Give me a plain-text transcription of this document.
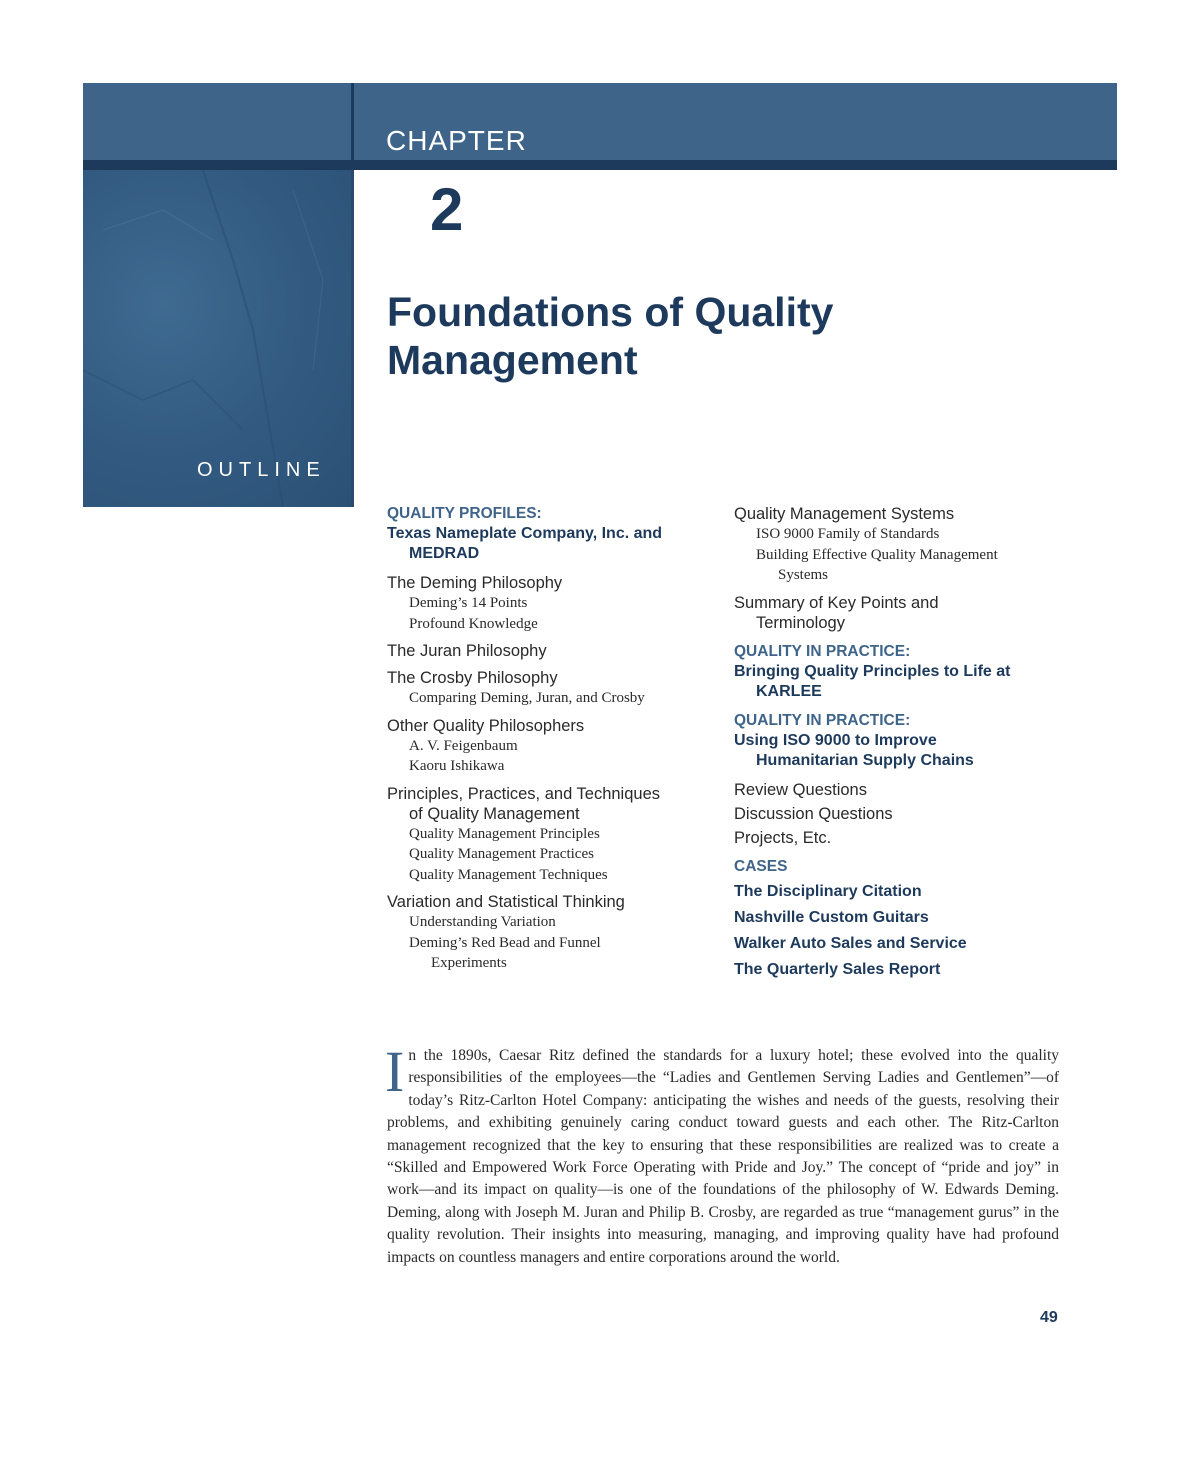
CHAPTER
2
Foundations of Quality
Management
OUTLINE
QUALITY PROFILES:
Texas Nameplate Company, Inc. and
MEDRAD
The Deming Philosophy
Deming’s 14 Points
Profound Knowledge
The Juran Philosophy
The Crosby Philosophy
Comparing Deming, Juran, and Crosby
Other Quality Philosophers
A. V. Feigenbaum
Kaoru Ishikawa
Principles, Practices, and Techniques
of Quality Management
Quality Management Principles
Quality Management Practices
Quality Management Techniques
Variation and Statistical Thinking
Understanding Variation
Deming’s Red Bead and Funnel
Experiments
Quality Management Systems
ISO 9000 Family of Standards
Building Effective Quality Management
Systems
Summary of Key Points and
Terminology
QUALITY IN PRACTICE:
Bringing Quality Principles to Life at
KARLEE
QUALITY IN PRACTICE:
Using ISO 9000 to Improve
Humanitarian Supply Chains
Review Questions
Discussion Questions
Projects, Etc.
CASES
The Disciplinary Citation
Nashville Custom Guitars
Walker Auto Sales and Service
The Quarterly Sales Report
In the 1890s, Caesar Ritz defined the standards for a luxury hotel; these evolved into the quality responsibilities of the employees—the “Ladies and Gentlemen Serving Ladies and Gentlemen”—of today’s Ritz-Carlton Hotel Company: anticipating the wishes and needs of the guests, resolving their problems, and exhibiting genuinely caring conduct toward guests and each other. The Ritz-Carlton management recognized that the key to ensuring that these responsibilities are realized was to create a “Skilled and Empowered Work Force Operating with Pride and Joy.” The concept of “pride and joy” in work—and its impact on quality—is one of the foundations of the philosophy of W. Edwards Deming. Deming, along with Joseph M. Juran and Philip B. Crosby, are regarded as true “management gurus” in the quality revolution. Their insights into measuring, managing, and improving quality have had profound impacts on countless managers and entire corporations around the world.
49
